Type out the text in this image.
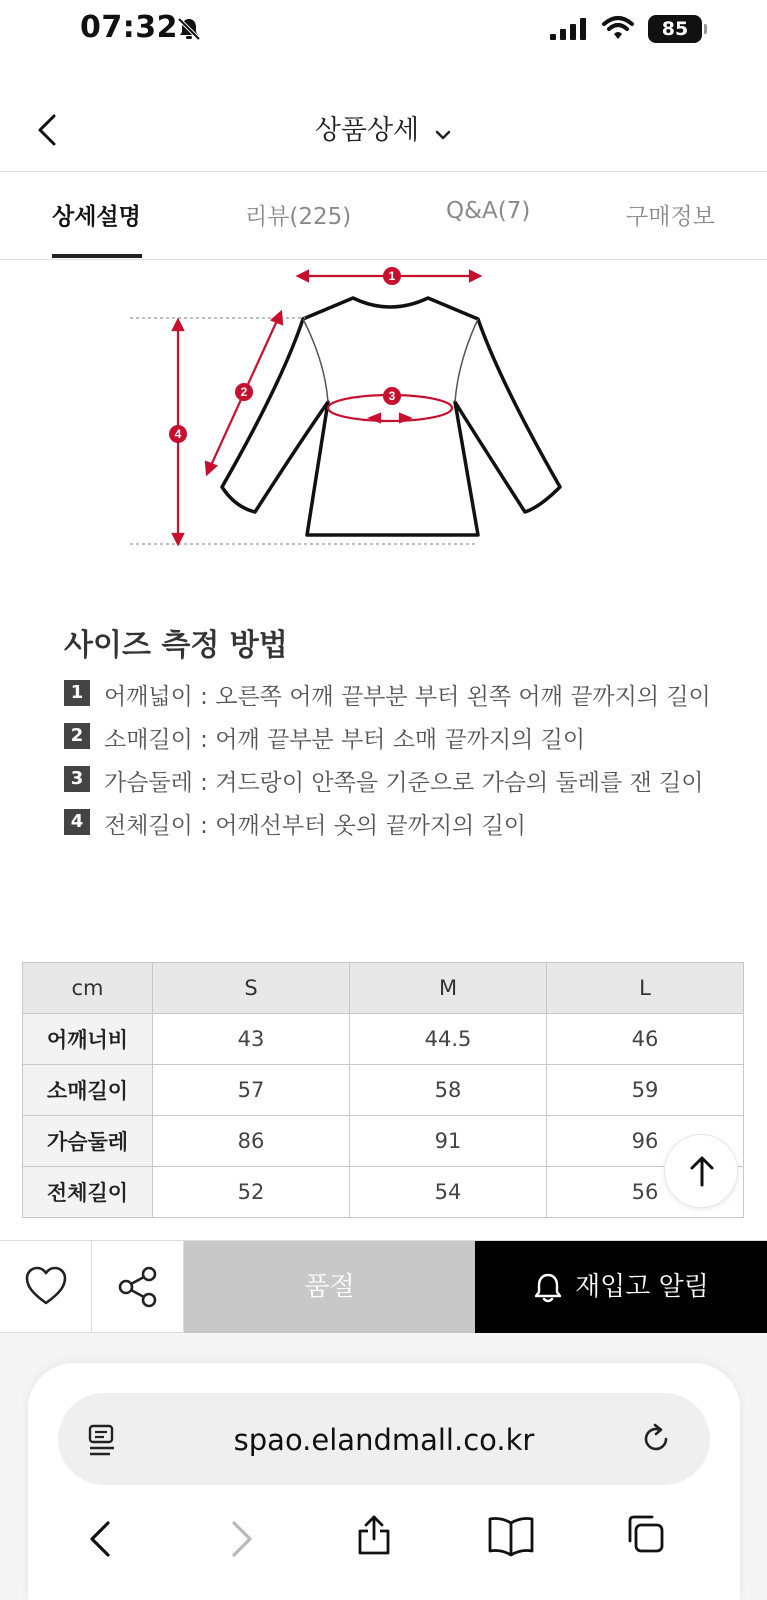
07:32	85
상품상세
상세설명	리뷰(225)	Q&A(7)	구매정보
1
2	3
4
사이즈 측정 방법
1 어깨넓이 : 오른쪽 어깨 끝부분 부터 왼쪽 어깨 끝까지의 길이
2 소매길이 : 어깨 끝부분 부터 소매 끝까지의 길이
3 가슴둘레 : 겨드랑이 안쪽을 기준으로 가슴의 둘레를 잰 길이
4 전체길이 : 어깨선부터 옷의 끝까지의 길이
cm	S	M	L
어깨너비	43	44.5	46
소매길이	57	58	59
가슴둘레	86	91	96
전체길이	52	54	56
품절	재입고 알림
spao.elandmall.co.kr
